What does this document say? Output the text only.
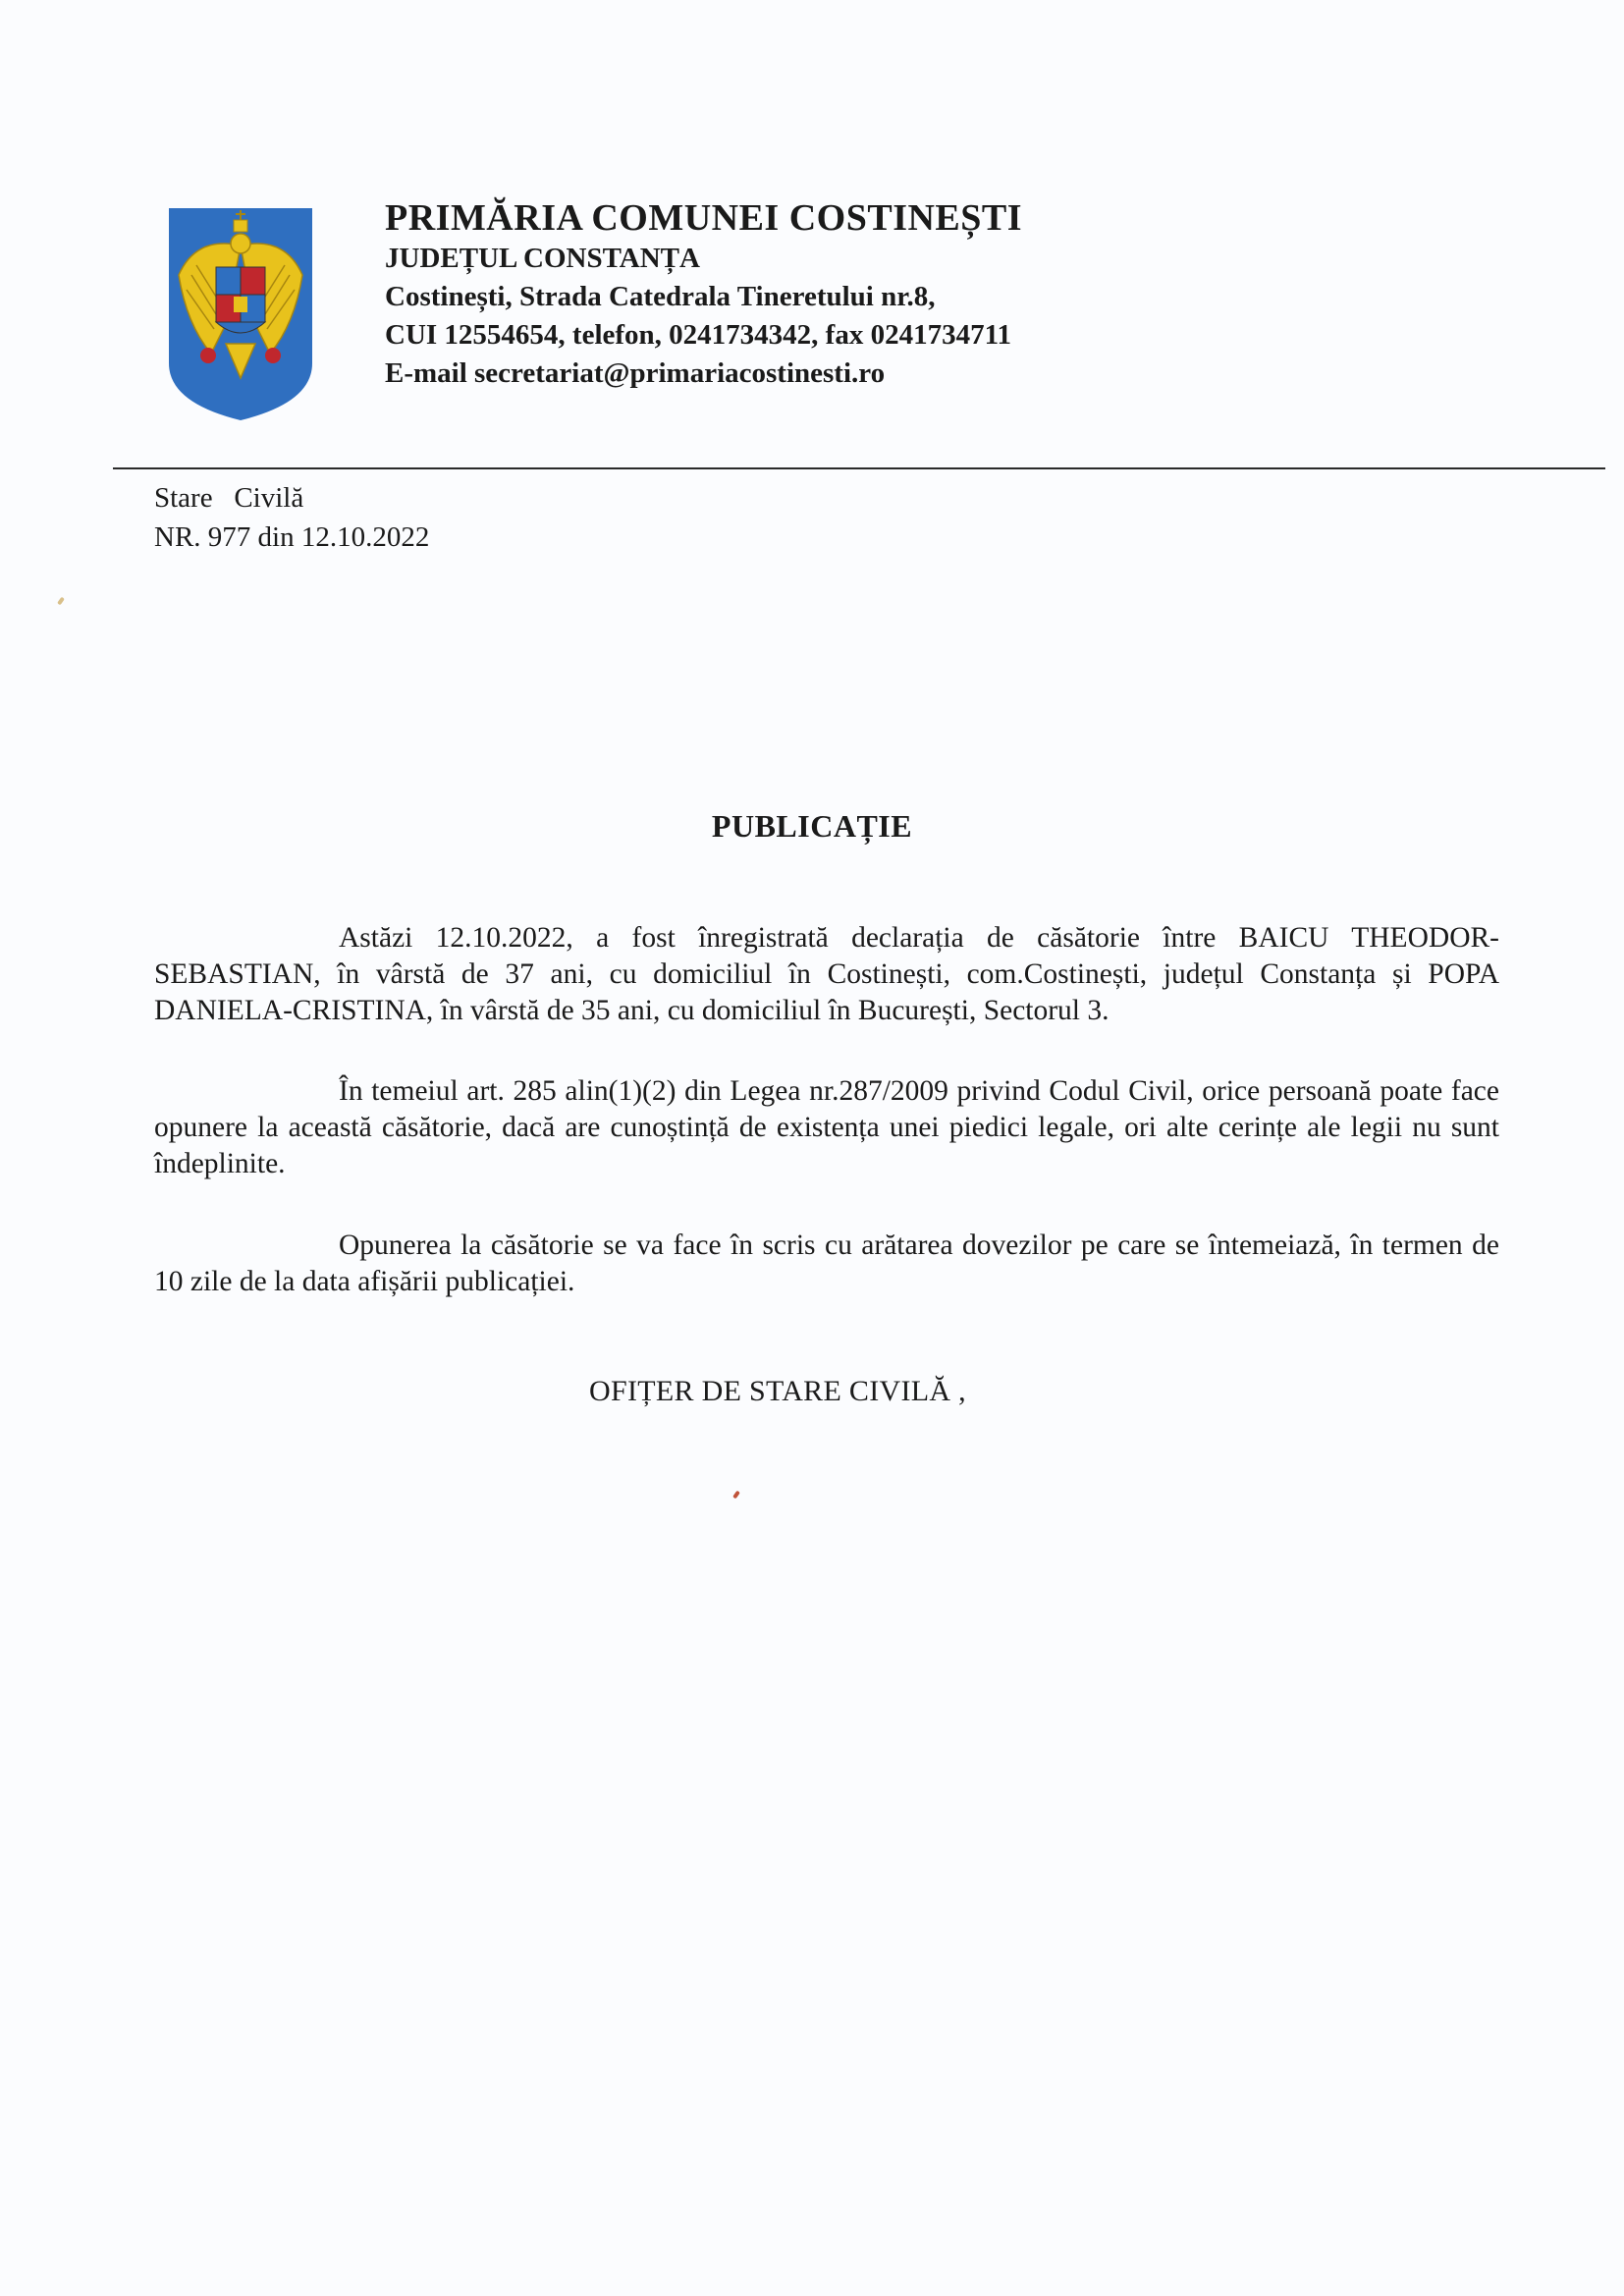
PRIMĂRIA COMUNEI COSTINEȘTI
JUDEȚUL CONSTANȚA
Costinești, Strada Catedrala Tineretului nr.8,
CUI 12554654, telefon, 0241734342, fax 0241734711
E-mail secretariat@primariacostinesti.ro
Stare   Civilă
NR. 977 din 12.10.2022
PUBLICAȚIE
Astăzi 12.10.2022, a fost înregistrată declarația de căsătorie între BAICU THEODOR-SEBASTIAN, în vârstă de 37 ani, cu domiciliul în Costinești, com.Costinești, județul Constanța și POPA DANIELA-CRISTINA, în vârstă de 35 ani, cu domiciliul în București, Sectorul 3.
În temeiul art. 285 alin(1)(2) din Legea nr.287/2009 privind Codul Civil, orice persoană poate face opunere la această căsătorie, dacă are cunoștință de existența unei piedici legale, ori alte cerințe ale legii nu sunt îndeplinite.
Opunerea la căsătorie se va face în scris cu arătarea dovezilor pe care se întemeiază, în termen de 10 zile de la data afișării publicației.
OFIȚER DE STARE CIVILĂ ,
